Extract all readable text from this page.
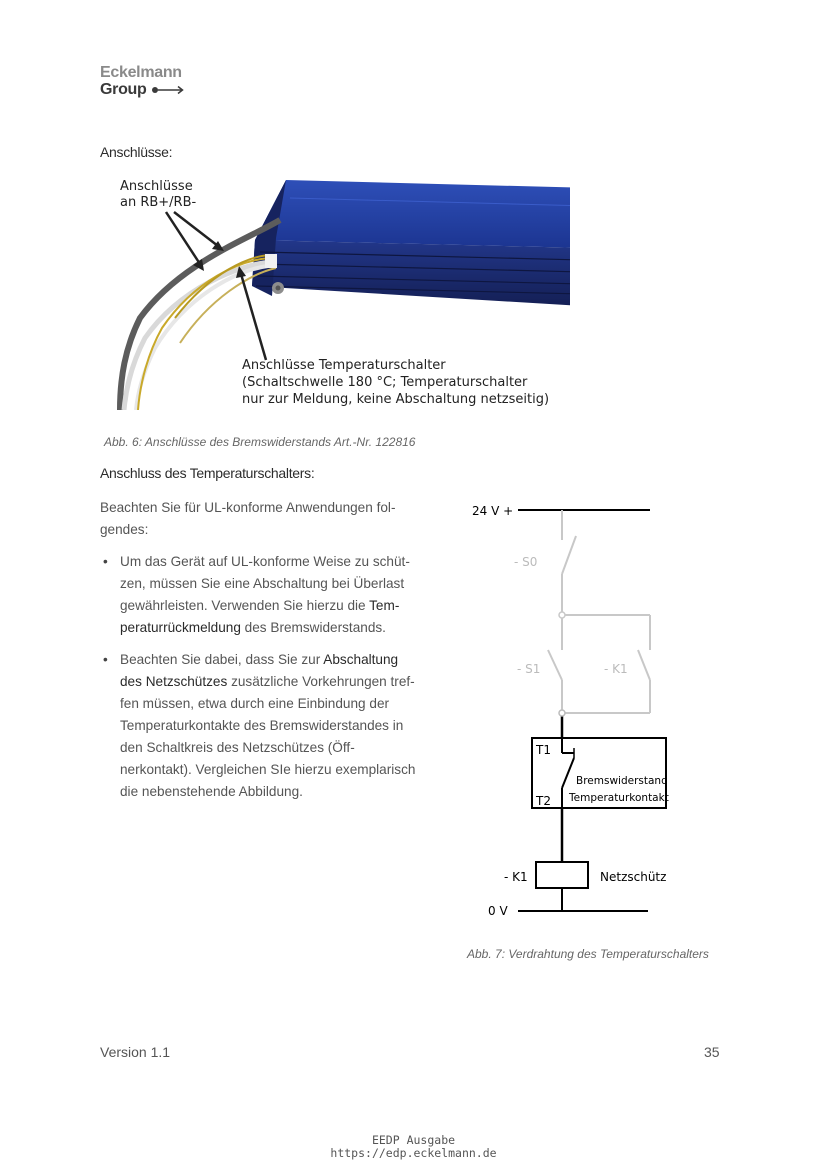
Eckelmann
Group
Anschlüsse:
Anschlüsse
an RB+/RB-
Anschlüsse Temperaturschalter
(Schaltschwelle 180 °C; Temperaturschalter
nur zur Meldung, keine Abschaltung netzseitig)
Abb. 6: Anschlüsse des Bremswiderstands Art.-Nr. 122816
Anschluss des Temperaturschalters:
Beachten Sie für UL-konforme Anwendungen fol-
gendes:
• Um das Gerät auf UL-konforme Weise zu schüt-
zen, müssen Sie eine Abschaltung bei Überlast
gewährleisten. Verwenden Sie hierzu die Tem-
peraturrückmeldung des Bremswiderstands.
• Beachten Sie dabei, dass Sie zur Abschaltung
des Netzschützes zusätzliche Vorkehrungen tref-
fen müssen, etwa durch eine Einbindung der
Temperaturkontakte des Bremswiderstandes in
den Schaltkreis des Netzschützes (Öff-
nerkontakt). Vergleichen SIe hierzu exemplarisch
die nebenstehende Abbildung.
24 V +
- S0
- S1	- K1
T1
T2
Bremswiderstand
Temperaturkontakt
- K1	Netzschütz
0 V
Abb. 7: Verdrahtung des Temperaturschalters
Version 1.1	35
EEDP Ausgabe
https://edp.eckelmann.de
